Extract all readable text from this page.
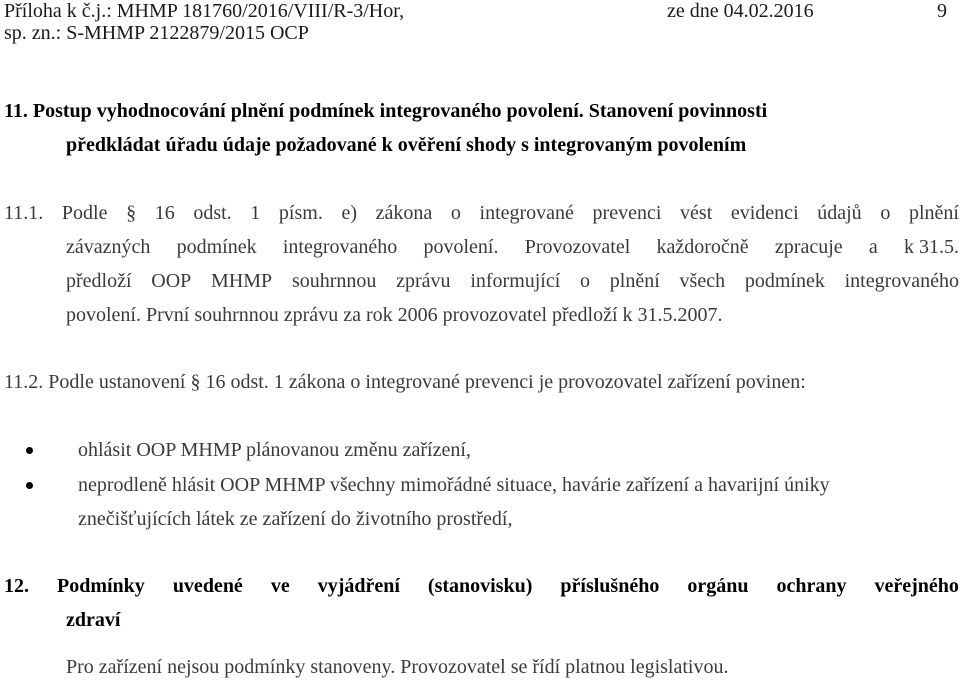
Příloha k č.j.: MHMP 181760/2016/VIII/R-3/Hor,	ze dne 04.02.2016	9
sp. zn.: S-MHMP 2122879/2015 OCP
11. Postup vyhodnocování plnění podmínek integrovaného povolení. Stanovení povinnosti
předkládat úřadu údaje požadované k ověření shody s integrovaným povolením
11.1. Podle § 16 odst. 1 písm. e) zákona o integrované prevenci vést evidenci údajů o plnění
závazných podmínek integrovaného povolení. Provozovatel každoročně zpracuje a k 31.5.
předloží OOP MHMP souhrnnou zprávu informující o plnění všech podmínek integrovaného
povolení. První souhrnnou zprávu za rok 2006 provozovatel předloží k 31.5.2007.
11.2. Podle ustanovení § 16 odst. 1 zákona o integrované prevenci je provozovatel zařízení povinen:
ohlásit OOP MHMP plánovanou změnu zařízení,
neprodleně hlásit OOP MHMP všechny mimořádné situace, havárie zařízení a havarijní úniky
znečišťujících látek ze zařízení do životního prostředí,
12. Podmínky uvedené ve vyjádření (stanovisku) příslušného orgánu ochrany veřejného
zdraví
Pro zařízení nejsou podmínky stanoveny. Provozovatel se řídí platnou legislativou.
